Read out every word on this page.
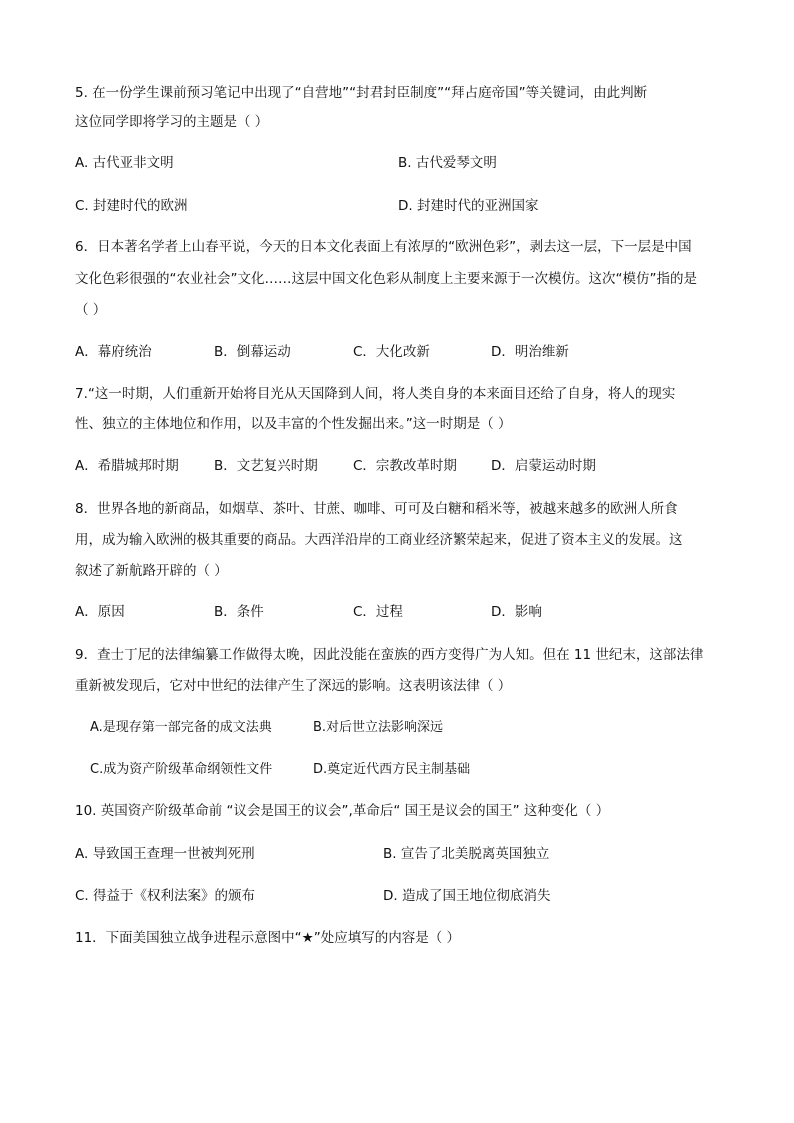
5. 在一份学生课前预习笔记中出现了“自营地”“封君封臣制度”“拜占庭帝国”等关键词，由此判断
这位同学即将学习的主题是（ ）
A. 古代亚非文明	B. 古代爱琴文明
C. 封建时代的欧洲	D. 封建时代的亚洲国家
6．日本著名学者上山春平说，今天的日本文化表面上有浓厚的“欧洲色彩”，剥去这一层，下一层是中国
文化色彩很强的“农业社会”文化……这层中国文化色彩从制度上主要来源于一次模仿。这次“模仿”指的是
（ ）
A．幕府统治	B．倒幕运动	C．大化改新	D．明治维新
7.“这一时期，人们重新开始将目光从天国降到人间，将人类自身的本来面目还给了自身，将人的现实
性、独立的主体地位和作用，以及丰富的个性发掘出来。”这一时期是（ ）
A．希腊城邦时期	B．文艺复兴时期	C．宗教改革时期	D．启蒙运动时期
8．世界各地的新商品，如烟草、茶叶、甘蔗、咖啡、可可及白糖和稻米等，被越来越多的欧洲人所食
用，成为输入欧洲的极其重要的商品。大西洋沿岸的工商业经济繁荣起来，促进了资本主义的发展。这
叙述了新航路开辟的（ ）
A．原因	B．条件	C．过程	D．影响
9．查士丁尼的法律编纂工作做得太晚，因此没能在蛮族的西方变得广为人知。但在 11 世纪末，这部法律
重新被发现后，它对中世纪的法律产生了深远的影响。这表明该法律（ ）
A.是现存第一部完备的成文法典	B.对后世立法影响深远
C.成为资产阶级革命纲领性文件	D.奠定近代西方民主制基础
10. 英国资产阶级革命前 “议会是国王的议会”,革命后“ 国王是议会的国王” 这种变化（ ）
A. 导致国王查理一世被判死刑	B. 宣告了北美脱离英国独立
C. 得益于《权利法案》的颁布	D. 造成了国王地位彻底消失
11．下面美国独立战争进程示意图中“★”处应填写的内容是（ ）
